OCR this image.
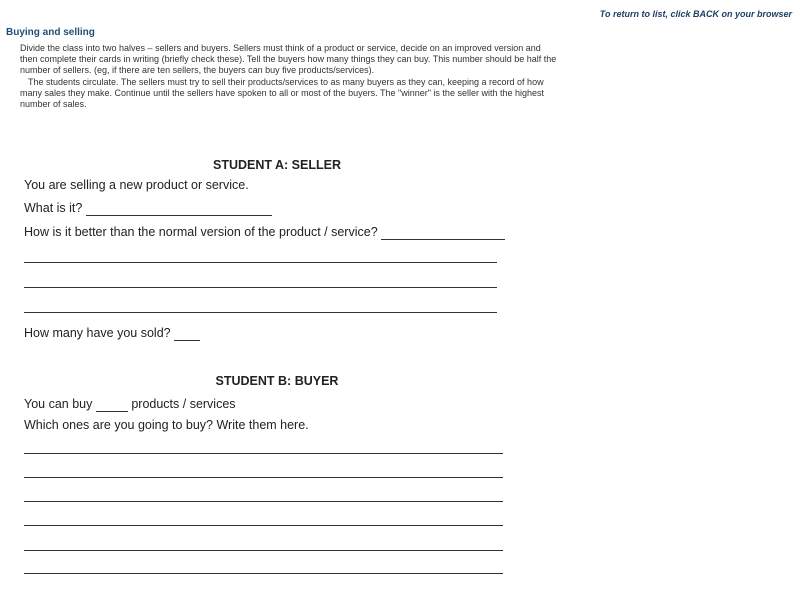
To return to list, click BACK on your browser
Buying and selling

Divide the class into two halves – sellers and buyers. Sellers must think of a product or service, decide on an improved version and then complete their cards in writing (briefly check these). Tell the buyers how many things they can buy. This number should be half the number of sellers. (eg, if there are ten sellers, the buyers can buy five products/services).

The students circulate. The sellers must try to sell their products/services to as many buyers as they can, keeping a record of how many sales they make. Continue until the sellers have spoken to all or most of the buyers. The "winner" is the seller with the highest number of sales.

STUDENT A: SELLER
You are selling a new product or service.
What is it?
How is it better than the normal version of the product / service?
How many have you sold?
STUDENT B: BUYER
You can buy	products / services
Which ones are you going to buy? Write them here.
